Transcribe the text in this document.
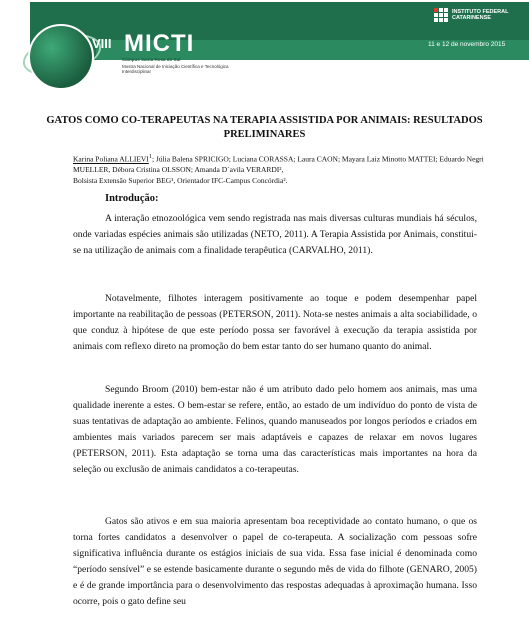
VIII MICTI
Câmpus Santa Rosa do Sul
Mostra Nacional de Iniciação Científica e Tecnológica Interdisciplinar
INSTITUTO FEDERAL
CATARINENSE
11 e 12 de novembro 2015
GATOS COMO CO-TERAPEUTAS NA TERAPIA ASSISTIDA POR ANIMAIS: RESULTADOS PRELIMINARES
Karina Poliana ALLIEVI$^1$; Júlia Balena SPRICIGO; Luciana CORASSA; Laura CAON; Mayara Laiz Minotto MATTEI; Eduardo Negri MUELLER, Débora Cristina OLSSON; Amanda D´avila VERARDI²,
Bolsista Extensão Superior BEG¹, Orientador IFC-Campus Concórdia².
Introdução:

A interação etnozoológica vem sendo registrada nas mais diversas culturas mundiais há séculos, onde variadas espécies animais são utilizadas (NETO, 2011). A Terapia Assistida por Animais, constitui-se na utilização de animais com a finalidade terapêutica (CARVALHO, 2011).

Notavelmente, filhotes interagem positivamente ao toque e podem desempenhar papel importante na reabilitação de pessoas (PETERSON, 2011). Nota-se nestes animais a alta sociabilidade, o que conduz à hipótese de que este período possa ser favorável à execução da terapia assistida por animais com reflexo direto na promoção do bem estar tanto do ser humano quanto do animal.

Segundo Broom (2010) bem-estar não é um atributo dado pelo homem aos animais, mas uma qualidade inerente a estes. O bem-estar se refere, então, ao estado de um indivíduo do ponto de vista de suas tentativas de adaptação ao ambiente. Felinos, quando manuseados por longos períodos e criados em ambientes mais variados parecem ser mais adaptáveis e capazes de relaxar em novos lugares (PETERSON, 2011). Esta adaptação se torna uma das características mais importantes na hora da seleção ou exclusão de animais candidatos a co-terapeutas.

Gatos são ativos e em sua maioria apresentam boa receptividade ao contato humano, o que os torna fortes candidatos a desenvolver o papel de co-terapeuta. A socialização com pessoas sofre significativa influência durante os estágios iniciais de sua vida. Essa fase inicial é denominada como “período sensível” e se estende basicamente durante o segundo mês de vida do filhote (GENARO, 2005) e é de grande importância para o desenvolvimento das respostas adequadas à aproximação humana. Isso ocorre, pois o gato define seu
